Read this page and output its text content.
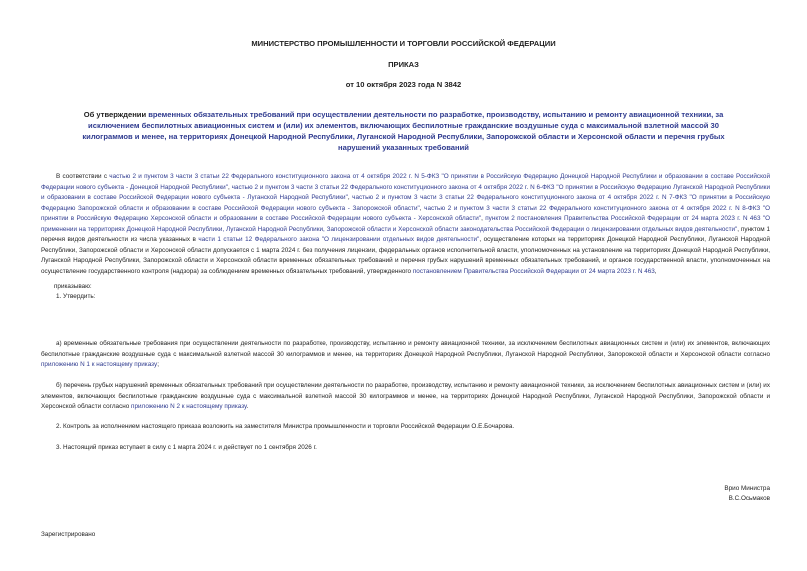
МИНИСТЕРСТВО ПРОМЫШЛЕННОСТИ И ТОРГОВЛИ РОССИЙСКОЙ ФЕДЕРАЦИИ
ПРИКАЗ
от 10 октября 2023 года N 3842
Об утверждении временных обязательных требований при осуществлении деятельности по разработке, производству, испытанию и ремонту авиационной техники, за исключением беспилотных авиационных систем и (или) их элементов, включающих беспилотные гражданские воздушные суда с максимальной взлетной массой 30 килограммов и менее, на территориях Донецкой Народной Республики, Луганской Народной Республики, Запорожской области и Херсонской области и перечня грубых нарушений указанных требований
В соответствии с частью 2 и пунктом 3 части 3 статьи 22 Федерального конституционного закона от 4 октября 2022 г. N 5-ФКЗ "О принятии в Российскую Федерацию Донецкой Народной Республики и образовании в составе Российской Федерации нового субъекта - Донецкой Народной Республики", частью 2 и пунктом 3 части 3 статьи 22 Федерального конституционного закона от 4 октября 2022 г. N 6-ФКЗ "О принятии в Российскую Федерацию Луганской Народной Республики и образовании в составе Российской Федерации нового субъекта - Луганской Народной Республики", частью 2 и пунктом 3 части 3 статьи 22 Федерального конституционного закона от 4 октября 2022 г. N 7-ФКЗ "О принятии в Российскую Федерацию Запорожской области и образовании в составе Российской Федерации нового субъекта - Запорожской области", частью 2 и пунктом 3 части 3 статьи 22 Федерального конституционного закона от 4 октября 2022 г. N 8-ФКЗ "О принятии в Российскую Федерацию Херсонской области и образовании в составе Российской Федерации нового субъекта - Херсонской области", пунктом 2 постановления Правительства Российской Федерации от 24 марта 2023 г. N 463 "О применении на территориях Донецкой Народной Республики, Луганской Народной Республики, Запорожской области и Херсонской области законодательства Российской Федерации о лицензировании отдельных видов деятельности", пунктом 1 перечня видов деятельности из числа указанных в части 1 статьи 12 Федерального закона "О лицензировании отдельных видов деятельности", осуществление которых на территориях Донецкой Народной Республики, Луганской Народной Республики, Запорожской области и Херсонской области допускается с 1 марта 2024 г. без получения лицензии, федеральных органов исполнительной власти, уполномоченных на установление на территориях Донецкой Народной Республики, Луганской Народной Республики, Запорожской области и Херсонской области временных обязательных требований и перечня грубых нарушений временных обязательных требований, и органов государственной власти, уполномоченных на осуществление государственного контроля (надзора) за соблюдением временных обязательных требований, утвержденного постановлением Правительства Российской Федерации от 24 марта 2023 г. N 463,
приказываю:
1. Утвердить:
а) временные обязательные требования при осуществлении деятельности по разработке, производству, испытанию и ремонту авиационной техники, за исключением беспилотных авиационных систем и (или) их элементов, включающих беспилотные гражданские воздушные суда с максимальной взлетной массой 30 килограммов и менее, на территориях Донецкой Народной Республики, Луганской Народной Республики, Запорожской области и Херсонской области согласно приложению N 1 к настоящему приказу;
б) перечень грубых нарушений временных обязательных требований при осуществлении деятельности по разработке, производству, испытанию и ремонту авиационной техники, за исключением беспилотных авиационных систем и (или) их элементов, включающих беспилотные гражданские воздушные суда с максимальной взлетной массой 30 килограммов и менее, на территориях Донецкой Народной Республики, Луганской Народной Республики, Запорожской области и Херсонской области согласно приложению N 2 к настоящему приказу.
2. Контроль за исполнением настоящего приказа возложить на заместителя Министра промышленности и торговли Российской Федерации О.Е.Бочарова.
3. Настоящий приказ вступает в силу с 1 марта 2024 г. и действует по 1 сентября 2026 г.
Врио Министра
В.С.Осьмаков
Зарегистрировано
